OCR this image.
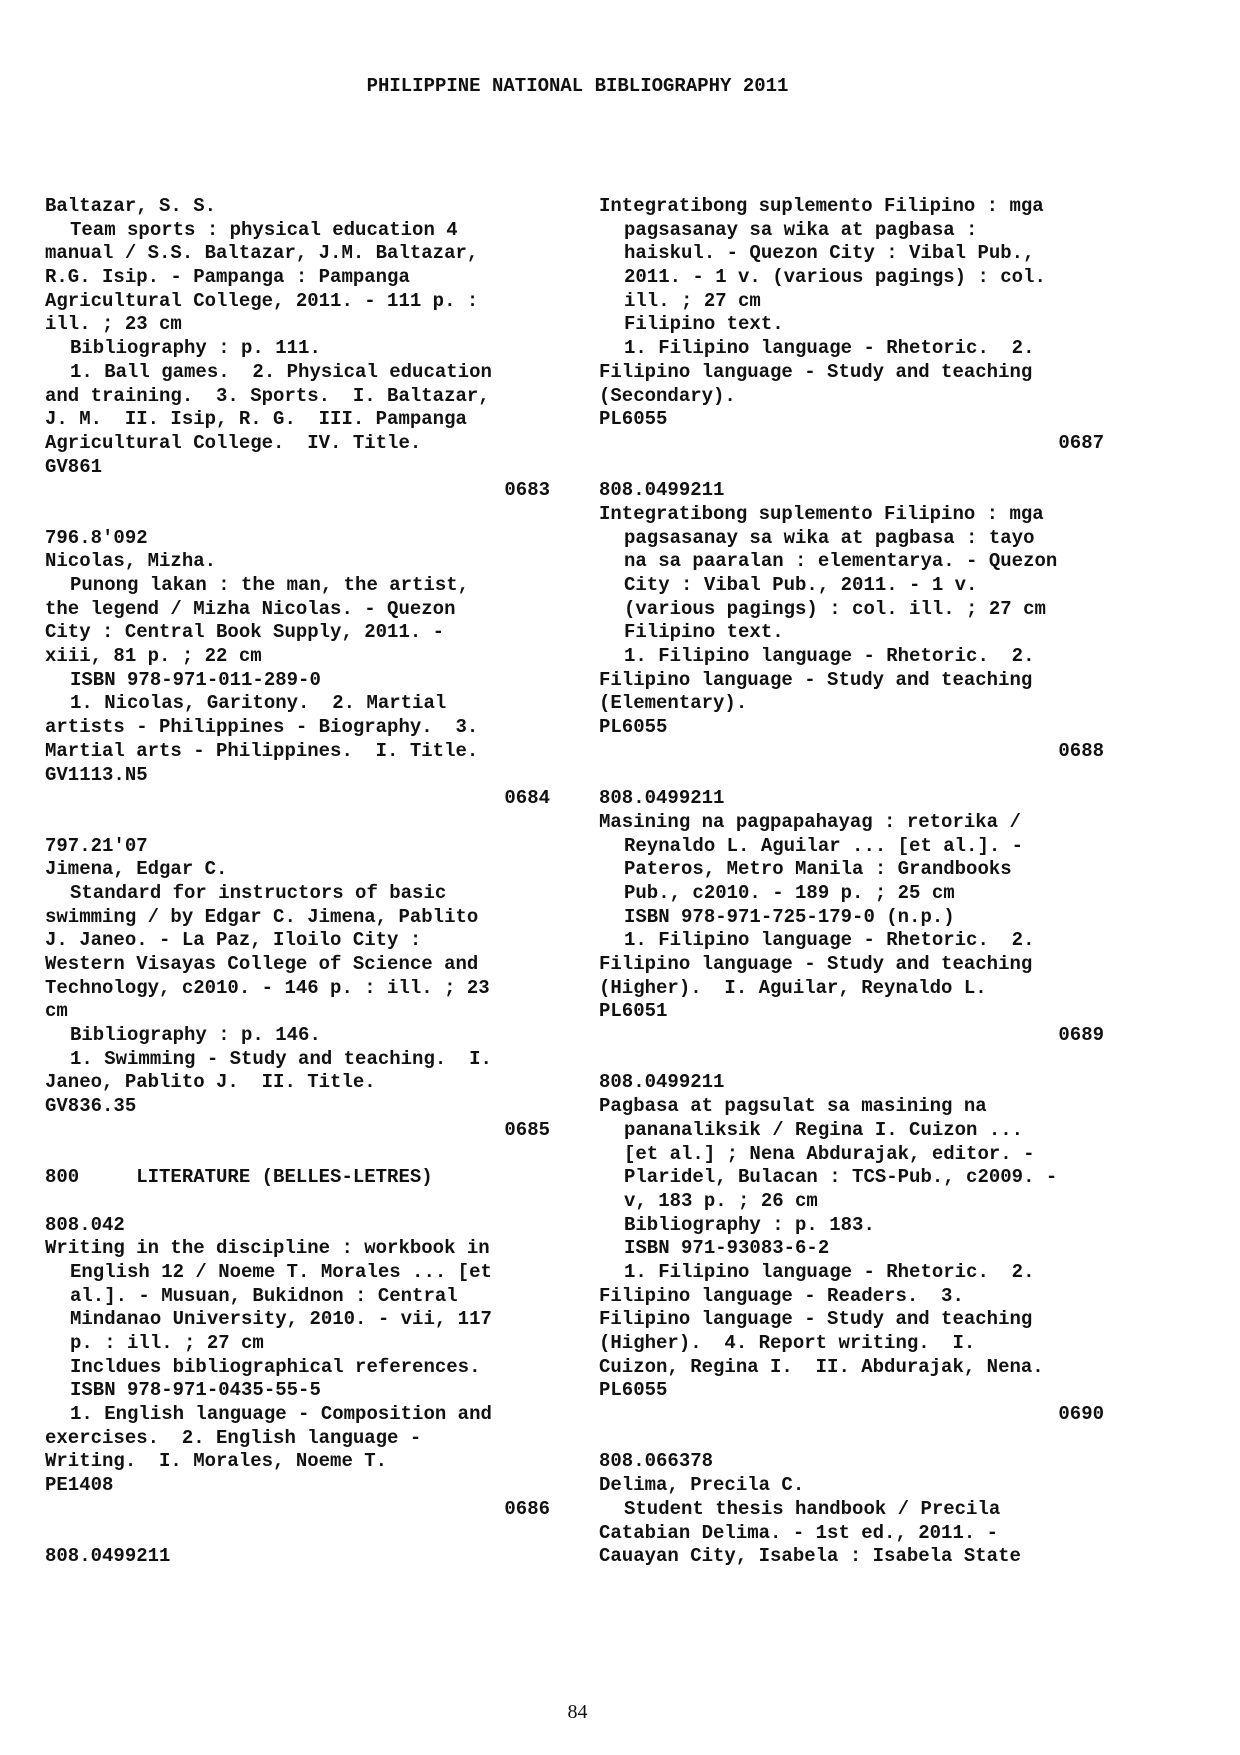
PHILIPPINE NATIONAL BIBLIOGRAPHY 2011
Baltazar, S. S.
Team sports : physical education 4
manual / S.S. Baltazar, J.M. Baltazar,
R.G. Isip. - Pampanga : Pampanga
Agricultural College, 2011. - 111 p. :
ill. ; 23 cm
Bibliography : p. 111.
1. Ball games.  2. Physical education
and training.  3. Sports.  I. Baltazar,
J. M.  II. Isip, R. G.  III. Pampanga
Agricultural College.  IV. Title.
GV861
0683
796.8'092
Nicolas, Mizha.
Punong lakan : the man, the artist,
the legend / Mizha Nicolas. - Quezon
City : Central Book Supply, 2011. -
xiii, 81 p. ; 22 cm
ISBN 978-971-011-289-0
1. Nicolas, Garitony.  2. Martial
artists - Philippines - Biography.  3.
Martial arts - Philippines.  I. Title.
GV1113.N5
0684
797.21'07
Jimena, Edgar C.
Standard for instructors of basic
swimming / by Edgar C. Jimena, Pablito
J. Janeo. - La Paz, Iloilo City :
Western Visayas College of Science and
Technology, c2010. - 146 p. : ill. ; 23
cm
Bibliography : p. 146.
1. Swimming - Study and teaching.  I.
Janeo, Pablito J.  II. Title.
GV836.35
0685
800     LITERATURE (BELLES-LETRES)
808.042
Writing in the discipline : workbook in
English 12 / Noeme T. Morales ... [et
al.]. - Musuan, Bukidnon : Central
Mindanao University, 2010. - vii, 117
p. : ill. ; 27 cm
Incldues bibliographical references.
ISBN 978-971-0435-55-5
1. English language - Composition and
exercises.  2. English language -
Writing.  I. Morales, Noeme T.
PE1408
0686
808.0499211
Integratibong suplemento Filipino : mga
pagsasanay sa wika at pagbasa :
haiskul. - Quezon City : Vibal Pub.,
2011. - 1 v. (various pagings) : col.
ill. ; 27 cm
Filipino text.
1. Filipino language - Rhetoric.  2.
Filipino language - Study and teaching
(Secondary).
PL6055
0687
808.0499211
Integratibong suplemento Filipino : mga
pagsasanay sa wika at pagbasa : tayo
na sa paaralan : elementarya. - Quezon
City : Vibal Pub., 2011. - 1 v.
(various pagings) : col. ill. ; 27 cm
Filipino text.
1. Filipino language - Rhetoric.  2.
Filipino language - Study and teaching
(Elementary).
PL6055
0688
808.0499211
Masining na pagpapahayag : retorika /
Reynaldo L. Aguilar ... [et al.]. -
Pateros, Metro Manila : Grandbooks
Pub., c2010. - 189 p. ; 25 cm
ISBN 978-971-725-179-0 (n.p.)
1. Filipino language - Rhetoric.  2.
Filipino language - Study and teaching
(Higher).  I. Aguilar, Reynaldo L.
PL6051
0689
808.0499211
Pagbasa at pagsulat sa masining na
pananaliksik / Regina I. Cuizon ...
[et al.] ; Nena Abdurajak, editor. -
Plaridel, Bulacan : TCS-Pub., c2009. -
v, 183 p. ; 26 cm
Bibliography : p. 183.
ISBN 971-93083-6-2
1. Filipino language - Rhetoric.  2.
Filipino language - Readers.  3.
Filipino language - Study and teaching
(Higher).  4. Report writing.  I.
Cuizon, Regina I.  II. Abdurajak, Nena.
PL6055
0690
808.066378
Delima, Precila C.
Student thesis handbook / Precila
Catabian Delima. - 1st ed., 2011. -
Cauayan City, Isabela : Isabela State
84
